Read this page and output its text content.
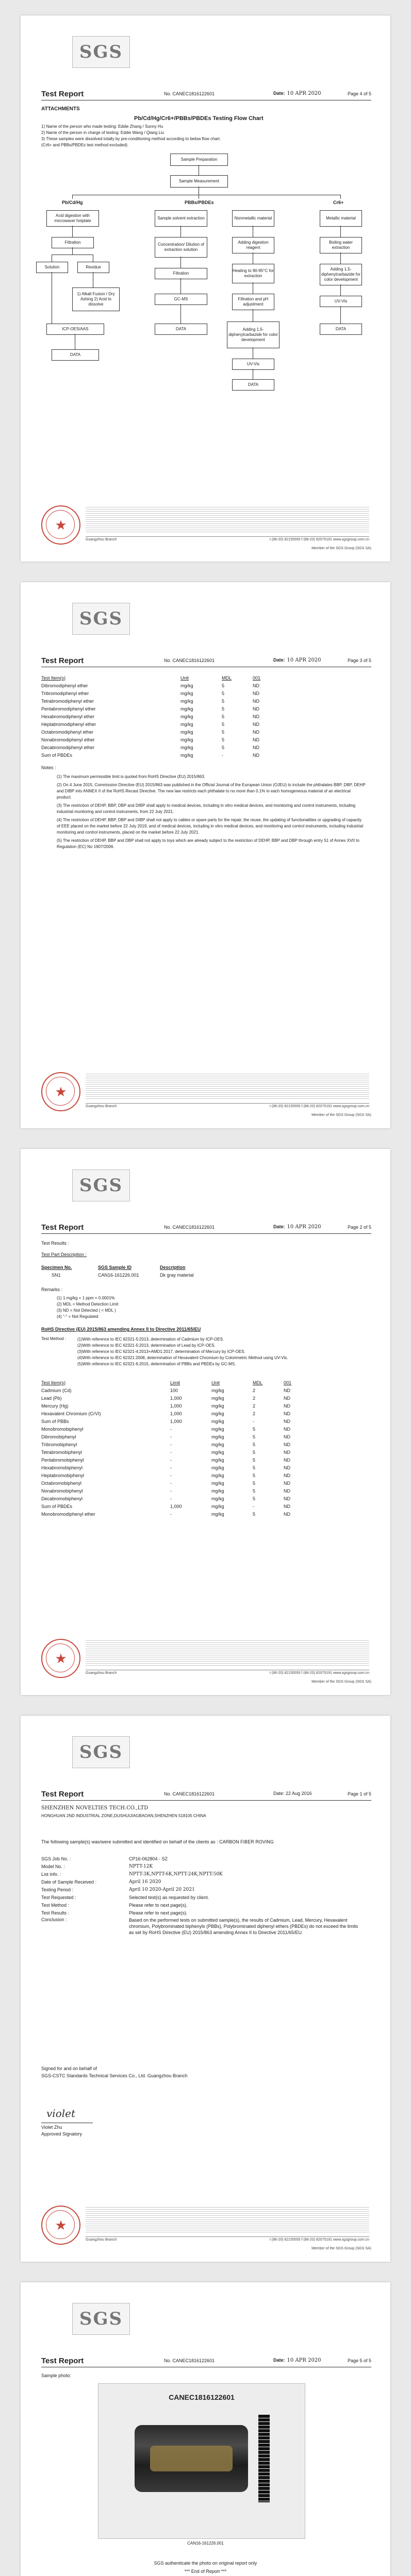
SGS
Test Report	No. CANEC1816122601	Date: 10 APR 2020	Page 4 of 5
ATTACHMENTS
Pb/Cd/Hg/Cr6+/PBBs/PBDEs Testing Flow Chart
1) Name of the person who made testing: Eddie Zhang / Sunny Hu
2) Name of the person in charge of testing: Eddie Wang / Qiang Liu
3) These samples were dissolved totally by pre-conditioning method according to below flow chart.
(Cr6+ and PBBs/PBDEs test method excluded).
Sample Preparation
Sample Measurement
Pb/Cd/Hg	PBBs/PBDEs	Cr6+
Acid digestion with microwave/ hotplate
Sample solvent extraction	Nonmetallic material	Metallic material
Filtration	Concentration/ Dilution of extraction solution
Adding digestion reagent
Boiling water extraction
Solution	Residue
Filtration
Heating to 90-95°C for extraction
Adding 1,5-diphenylcarbazide for color development
1) Alkali Fusion / Dry Ashing 2) Acid to dissolve
GC-MS	Filtration and pH adjustment
UV-Vis
ICP-OES/AAS	DATA	Adding 1,5-diphenylcarbazide for color development
DATA
DATA
UV-Vis
DATA
★
Guangzhou Branch	t (86-20) 82155555 f (86-20) 82075191 www.sgsgroup.com.cn
Member of the SGS Group (SGS SA)
SGS
Test Report	No. CANEC1816122601	Date: 10 APR 2020	Page 3 of 5
Test Item(s)	Unit	MDL	001
Dibromodiphenyl ether	mg/kg	5	ND
Tribromodiphenyl ether	mg/kg	5	ND
Tetrabromodiphenyl ether	mg/kg	5	ND
Pentabromodiphenyl ether	mg/kg	5	ND
Hexabromodiphenyl ether	mg/kg	5	ND
Heptabromodiphenyl ether	mg/kg	5	ND
Octabromodiphenyl ether	mg/kg	5	ND
Nonabromodiphenyl ether	mg/kg	5	ND
Decabromodiphenyl ether	mg/kg	5	ND
Sum of PBDEs	mg/kg	-	ND
Notes :
(1) The maximum permissible limit is quoted from RoHS Directive (EU) 2015/863.
(2) On 4 June 2015, Commission Directive (EU) 2015/863 was published in the Official Journal of the European Union (OJEU) to include the phthalates BBP, DBP, DEHP and DIBP into ANNEX II of the RoHS Recast Directive. The new law restricts each phthalate to no more than 0.1% in each homogeneous material of an electrical product.
(3) The restriction of DEHP, BBP, DBP and DIBP shall apply to medical devices, including in vitro medical devices, and monitoring and control instruments, including industrial monitoring and control instruments, from 22 July 2021.
(4) The restriction of DEHP, BBP, DBP and DIBP shall not apply to cables or spare parts for the repair, the reuse, the updating of functionalities or upgrading of capacity of EEE placed on the market before 22 July 2019, and of medical devices, including in vitro medical devices, and monitoring and control instruments, including industrial monitoring and control instruments, placed on the market before 22 July 2021.
(5) The restriction of DEHP, BBP and DBP shall not apply to toys which are already subject to the restriction of DEHP, BBP and DBP through entry 51 of Annex XVII to Regulation (EC) No 1907/2006.
★
Guangzhou Branch	t (86-20) 82155555 f (86-20) 82075191 www.sgsgroup.com.cn
Member of the SGS Group (SGS SA)
SGS
Test Report	No. CANEC1816122601	Date: 10 APR 2020	Page 2 of 5
Test Results :
Test Part Description :
Specimen No.	SGS Sample ID	Description
SN1	CAN16-161226.001	Dk gray material
Remarks :
(1) 1 mg/kg = 1 ppm = 0.0001%
(2) MDL = Method Detection Limit
(3) ND = Not Detected ( < MDL )
(4) "-" = Not Regulated
RoHS Directive (EU) 2015/863 amending Annex II to Directive 2011/65/EU
Test Method :	(1)With reference to IEC 62321-5:2013, determination of Cadmium by ICP-OES.
(2)With reference to IEC 62321-5:2013, determination of Lead by ICP-OES.
(3)With reference to IEC 62321-4:2013+AMD1:2017, determination of Mercury by ICP-OES.
(4)With reference to IEC 62321:2008, determination of Hexavalent Chromium by Colorimetric Method using UV-Vis.
(5)With reference to IEC 62321-6:2015, determination of PBBs and PBDEs by GC-MS.
Test Item(s)	Limit	Unit	MDL	001
Cadmium (Cd)	100	mg/kg	2	ND
Lead (Pb)	1,000	mg/kg	2	ND
Mercury (Hg)	1,000	mg/kg	2	ND
Hexavalent Chromium (CrVI)	1,000	mg/kg	2	ND
Sum of PBBs	1,000	mg/kg	-	ND
Monobromobiphenyl	-	mg/kg	5	ND
Dibromobiphenyl	-	mg/kg	5	ND
Tribromobiphenyl	-	mg/kg	5	ND
Tetrabromobiphenyl	-	mg/kg	5	ND
Pentabromobiphenyl	-	mg/kg	5	ND
Hexabromobiphenyl	-	mg/kg	5	ND
Heptabromobiphenyl	-	mg/kg	5	ND
Octabromobiphenyl	-	mg/kg	5	ND
Nonabromobiphenyl	-	mg/kg	5	ND
Decabromobiphenyl	-	mg/kg	5	ND
Sum of PBDEs	1,000	mg/kg	-	ND
Monobromodiphenyl ether	-	mg/kg	5	ND
★
Guangzhou Branch	t (86-20) 82155555 f (86-20) 82075191 www.sgsgroup.com.cn
Member of the SGS Group (SGS SA)
SGS
Test Report	No. CANEC1816122601	Date: 22 Aug 2016	Page 1 of 5
SHENZHEN NOVELTIES TECH.CO.,LTD
HONGHUAN 2ND INDUSTRIAL ZONE,DUSHUIJIAGBAOAN,SHENZHEN 518105 CHINA
The following sample(s) was/were submitted and identified on behalf of the clients as : CARBON FIBER ROVING
SGS Job No. :	CP16-062804 - SZ
Model No. :	NPTT-12K
List info. :	NPTT-3K,NPTT-6K,NPTT-24K,NPTT-50K
Date of Sample Received :	April 16 2020
Testing Period :	April 10 2020-April 20 2021
Test Requested :	Selected test(s) as requested by client.
Test Method :	Please refer to next page(s).
Test Results :	Please refer to next page(s).
Conclusion :	Based on the performed tests on submitted sample(s), the results of Cadmium, Lead, Mercury, Hexavalent chromium, Polybrominated biphenyls (PBBs), Polybrominated diphenyl ethers (PBDEs) do not exceed the limits as set by RoHS Directive (EU) 2015/863 amending Annex II to Directive 2011/65/EU.
Signed for and on behalf of
SGS-CSTC Standards Technical Services Co., Ltd. Guangzhou Branch
violet
Violet Zhu
Approved Signatory
★
Guangzhou Branch	t (86-20) 82155555 f (86-20) 82075191 www.sgsgroup.com.cn
Member of the SGS Group (SGS SA)
SGS
Test Report	No. CANEC1816122601	Date: 10 APR 2020	Page 5 of 5
Sample photo:
CANEC1816122601
CAN16-161226.001
SGS authenticate the photo on original report only
*** End of Report ***
